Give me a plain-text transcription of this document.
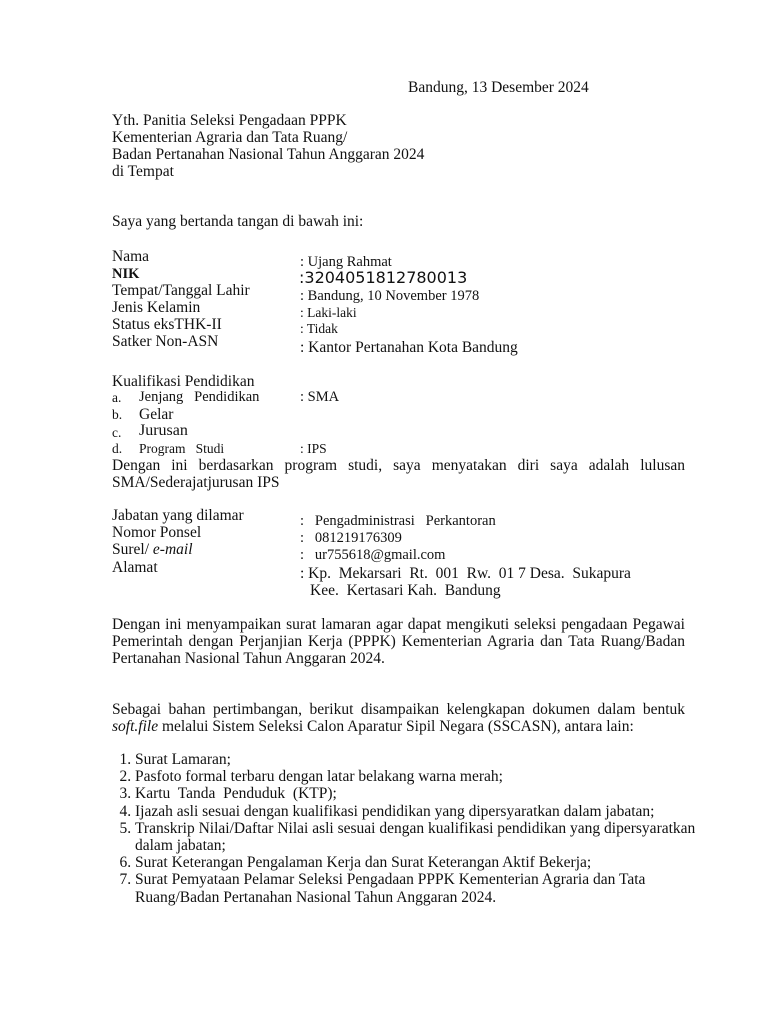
Bandung, 13 Desember 2024
Yth. Panitia Seleksi Pengadaan PPPK
Kementerian Agraria dan Tata Ruang/
Badan Pertanahan Nasional Tahun Anggaran 2024
di Tempat
Saya yang bertanda tangan di bawah ini:
Nama	: Ujang Rahmat
NIK	:3204051812780013
Tempat/Tanggal Lahir	: Bandung, 10 November 1978
Jenis Kelamin	: Laki-laki
Status eksTHK-II	: Tidak
Satker Non-ASN	: Kantor Pertanahan Kota Bandung
Kualifikasi Pendidikan
a. Jenjang   Pendidikan	: SMA
b. Gelar
c. Jurusan
d. Program   Studi	: IPS
Dengan ini berdasarkan program studi, saya menyatakan diri saya adalah lulusan SMA/Sederajatjurusan IPS
Jabatan yang dilamar	:   Pengadministrasi   Perkantoran
Nomor Ponsel	:   081219176309
Surel/ e-mail	:   ur755618@gmail.com
Alamat	: Kp.  Mekarsari  Rt.  001  Rw.  01 7 Desa.  Sukapura
Kee.  Kertasari Kah.  Bandung
Dengan ini menyampaikan surat lamaran agar dapat mengikuti seleksi pengadaan Pegawai Pemerintah dengan Perjanjian Kerja (PPPK) Kementerian Agraria dan Tata Ruang/Badan Pertanahan Nasional Tahun Anggaran 2024.
Sebagai bahan pertimbangan, berikut disampaikan kelengkapan dokumen dalam bentuk soft.file melalui Sistem Seleksi Calon Aparatur Sipil Negara (SSCASN), antara lain:
1. Surat Lamaran;
2. Pasfoto formal terbaru dengan latar belakang warna merah;
3. Kartu  Tanda  Penduduk  (KTP);
4. Ijazah asli sesuai dengan kualifikasi pendidikan yang dipersyaratkan dalam jabatan;
5. Transkrip Nilai/Daftar Nilai asli sesuai dengan kualifikasi pendidikan yang dipersyaratkan dalam jabatan;
6. Surat Keterangan Pengalaman Kerja dan Surat Keterangan Aktif Bekerja;
7. Surat Pemyataan Pelamar Seleksi Pengadaan PPPK Kementerian Agraria dan Tata Ruang/Badan Pertanahan Nasional Tahun Anggaran 2024.
